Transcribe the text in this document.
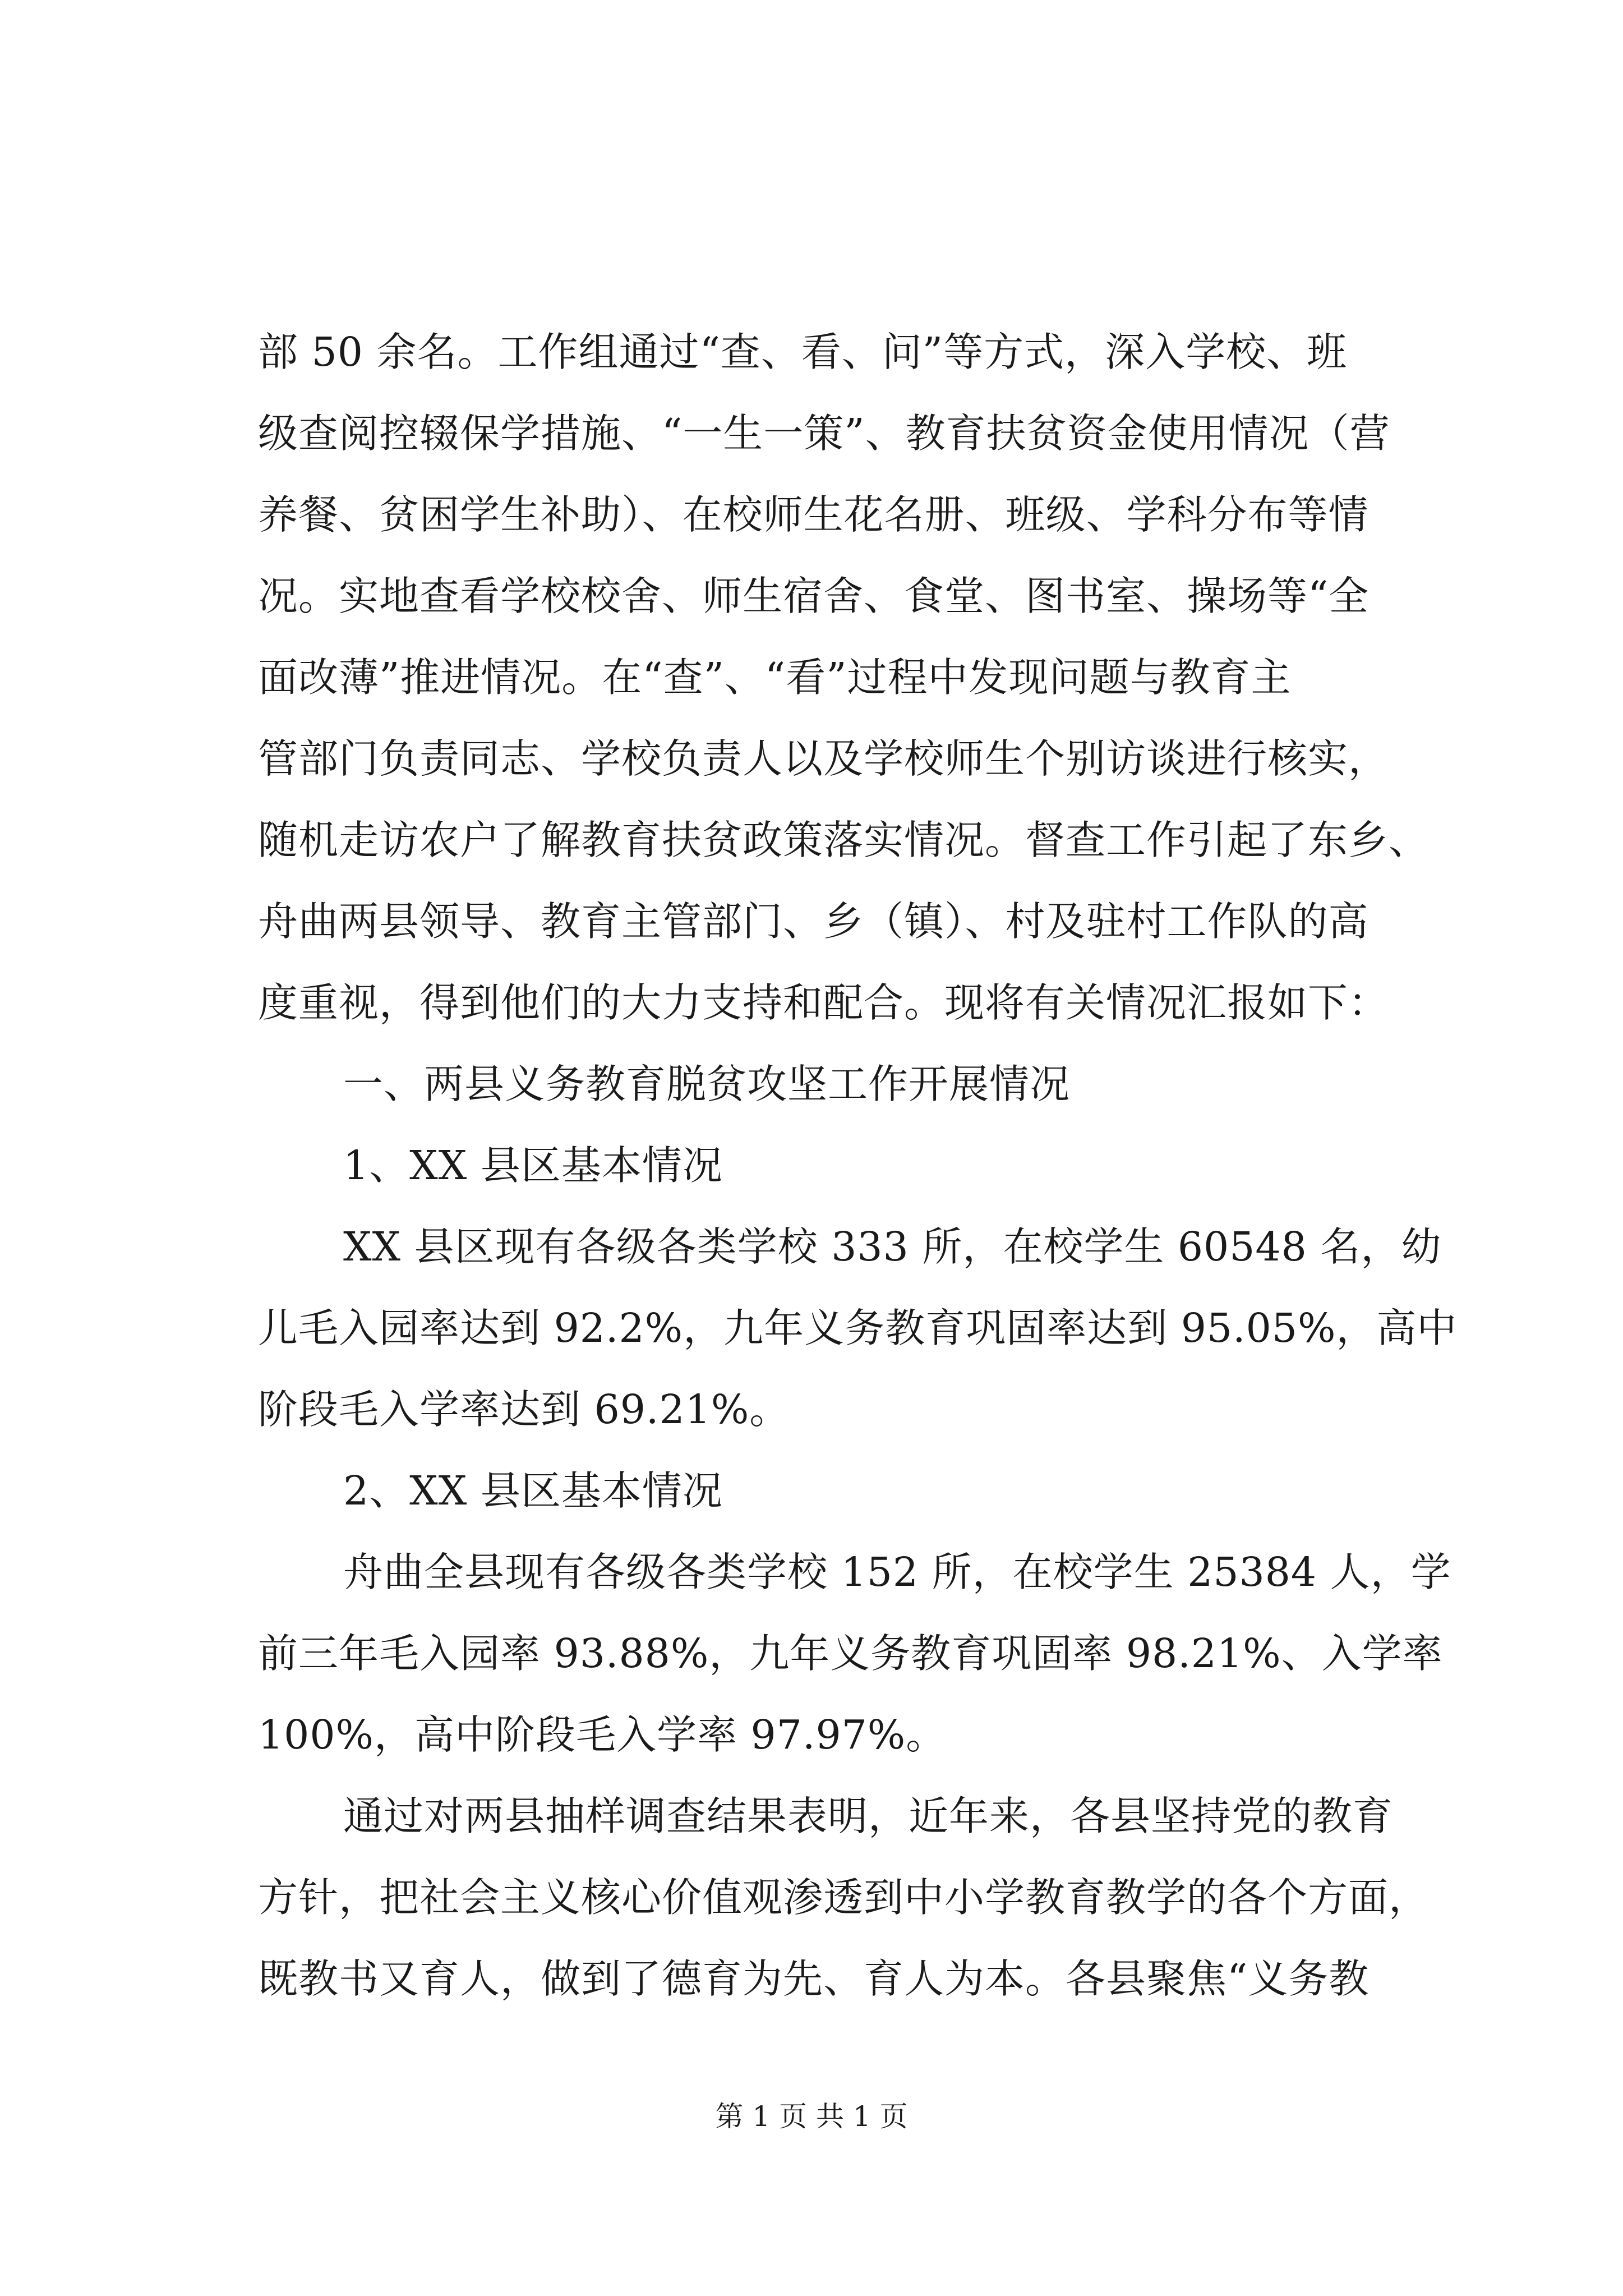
部 50 余名。工作组通过“查、看、问”等方式，深入学校、班
级查阅控辍保学措施、“一生一策”、教育扶贫资金使用情况（营
养餐、贫困学生补助）、在校师生花名册、班级、学科分布等情
况。实地查看学校校舍、师生宿舍、食堂、图书室、操场等“全
面改薄”推进情况。在“查”、“看”过程中发现问题与教育主
管部门负责同志、学校负责人以及学校师生个别访谈进行核实，
随机走访农户了解教育扶贫政策落实情况。督查工作引起了东乡、
舟曲两县领导、教育主管部门、乡（镇）、村及驻村工作队的高
度重视，得到他们的大力支持和配合。现将有关情况汇报如下：
一、两县义务教育脱贫攻坚工作开展情况
1、XX 县区基本情况
XX 县区现有各级各类学校 333 所，在校学生 60548 名，幼
儿毛入园率达到 92.2%，九年义务教育巩固率达到 95.05%，高中
阶段毛入学率达到 69.21%。
2、XX 县区基本情况
舟曲全县现有各级各类学校 152 所，在校学生 25384 人，学
前三年毛入园率 93.88%，九年义务教育巩固率 98.21%、入学率
100%，高中阶段毛入学率 97.97%。
通过对两县抽样调查结果表明，近年来，各县坚持党的教育
方针，把社会主义核心价值观渗透到中小学教育教学的各个方面，
既教书又育人，做到了德育为先、育人为本。各县聚焦“义务教
第 1 页 共 1 页
